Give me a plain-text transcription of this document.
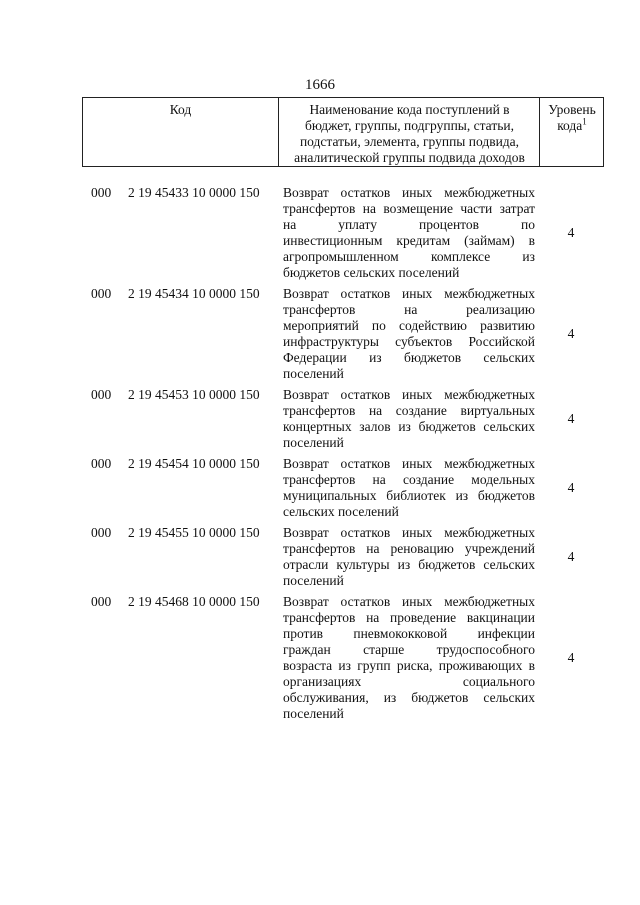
1666
Код	Наименование кода поступлений в
бюджет, группы, подгруппы, статьи,
подстатьи, элемента, группы подвида,
аналитической группы подвида доходов
Уровень
кода$^1$
000 2 19 45433 10 0000 150 Возврат остатков иных межбюджетных
трансфертов на возмещение части затрат
на уплату процентов по
инвестиционным кредитам (займам) в
агропромышленном комплексе из
бюджетов сельских поселений
4
000 2 19 45434 10 0000 150 Возврат остатков иных межбюджетных
трансфертов на реализацию
мероприятий по содействию развитию
инфраструктуры субъектов Российской
Федерации из бюджетов сельских
поселений
4
000 2 19 45453 10 0000 150 Возврат остатков иных межбюджетных
трансфертов на создание виртуальных
концертных залов из бюджетов сельских
поселений
4
000 2 19 45454 10 0000 150 Возврат остатков иных межбюджетных
трансфертов на создание модельных
муниципальных библиотек из бюджетов
сельских поселений
4
000 2 19 45455 10 0000 150 Возврат остатков иных межбюджетных
трансфертов на реновацию учреждений
отрасли культуры из бюджетов сельских
поселений
4
000 2 19 45468 10 0000 150 Возврат остатков иных межбюджетных
трансфертов на проведение вакцинации
против пневмококковой инфекции
граждан старше трудоспособного
возраста из групп риска, проживающих в
организациях социального
обслуживания, из бюджетов сельских
поселений
4
